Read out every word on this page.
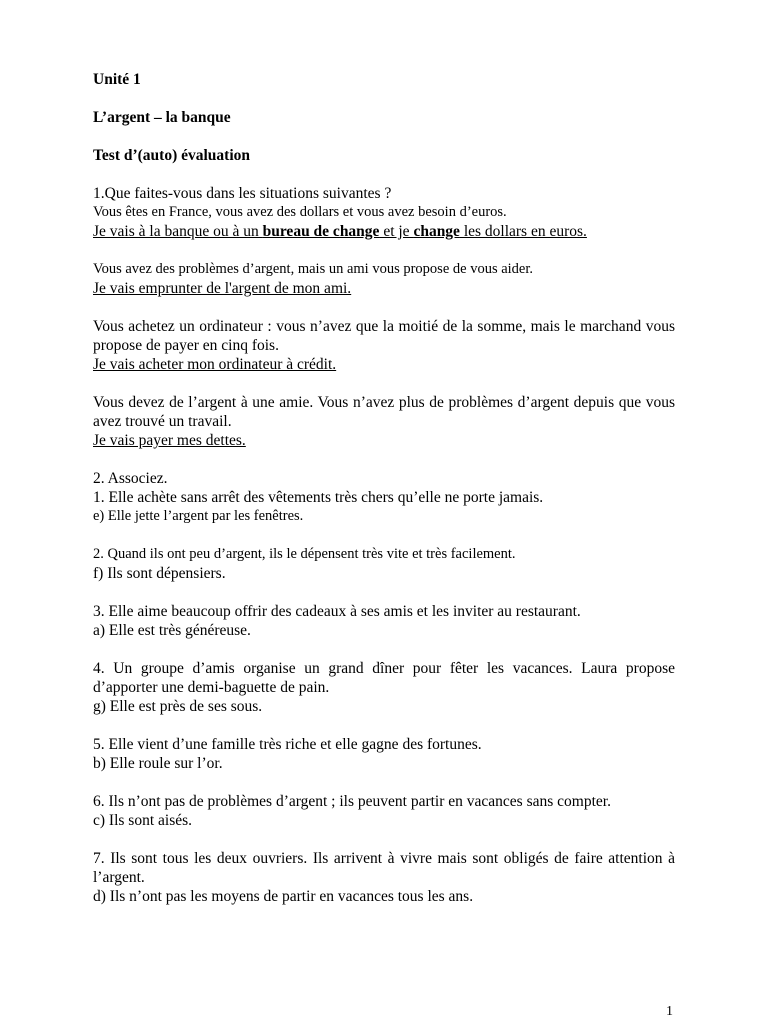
Unité 1

L’argent – la banque

Test d’(auto) évaluation

1.Que faites-vous dans les situations suivantes ?

Vous êtes en France, vous avez des dollars et vous avez besoin d’euros.

Je vais à la banque ou à un bureau de change et je change les dollars en euros.

Vous avez des problèmes d’argent, mais un ami vous propose de vous aider.

Je vais emprunter de l'argent de mon ami.

Vous achetez un ordinateur : vous n’avez que la moitié de la somme, mais le marchand vous propose de payer en cinq fois.

Je vais acheter mon ordinateur à crédit.

Vous devez de l’argent à une amie. Vous n’avez plus de problèmes d’argent depuis que vous avez trouvé un travail.

Je vais payer mes dettes.

2. Associez.

1. Elle achète sans arrêt des vêtements très chers qu’elle ne porte jamais.

e) Elle jette l’argent par les fenêtres.

2. Quand ils ont peu d’argent, ils le dépensent très vite et très facilement.

f) Ils sont dépensiers.

3. Elle aime beaucoup offrir des cadeaux à ses amis et les inviter au restaurant.

a) Elle est très généreuse.

4. Un groupe d’amis organise un grand dîner pour fêter les vacances. Laura propose d’apporter une demi-baguette de pain.

g) Elle est près de ses sous.

5. Elle vient d’une famille très riche et elle gagne des fortunes.

b) Elle roule sur l’or.

6. Ils n’ont pas de problèmes d’argent ; ils peuvent partir en vacances sans compter.

c) Ils sont aisés.

7. Ils sont tous les deux ouvriers. Ils arrivent à vivre mais sont obligés de faire attention à l’argent.

d) Ils n’ont pas les moyens de partir en vacances tous les ans.

1
